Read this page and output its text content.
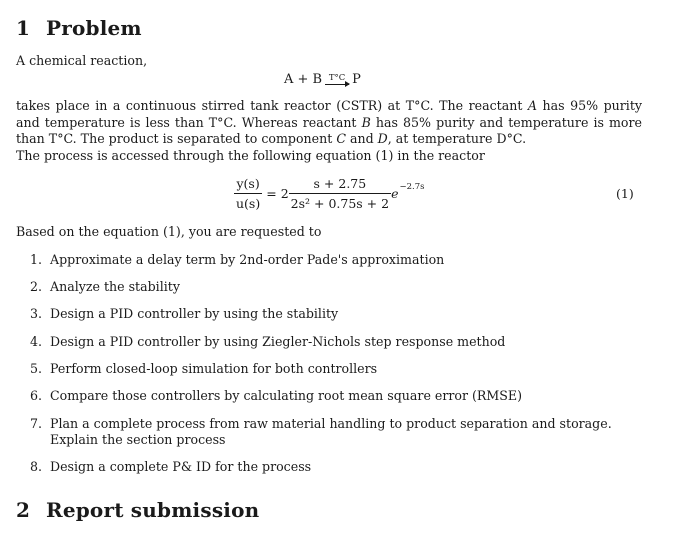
1 Problem
A chemical reaction,
A + B T°C P

takes place in a continuous stirred tank reactor (CSTR) at T°C. The reactant A has 95% purity and temperature is less than T°C. Whereas reactant B has 85% purity and temperature is more than T°C. The product is separated to component C and D, at temperature D°C.

The process is accessed through the following equation (1) in the reactor
$\frac{y(s)}{u(s)} = 2 \frac{s + 2.75}{\text{2s² + 0.75s + 2}}$ e −2.7s	(1)
Based on the equation (1), you are requested to
1. Approximate a delay term by 2nd-order Pade's approximation
2. Analyze the stability
3. Design a PID controller by using the stability
4. Design a PID controller by using Ziegler-Nichols step response method
5. Perform closed-loop simulation for both controllers
6. Compare those controllers by calculating root mean square error (RMSE)
7. Plan a complete process from raw material handling to product separation and storage. Explain the section process
8. Design a complete P& ID for the process
2 Report submission
